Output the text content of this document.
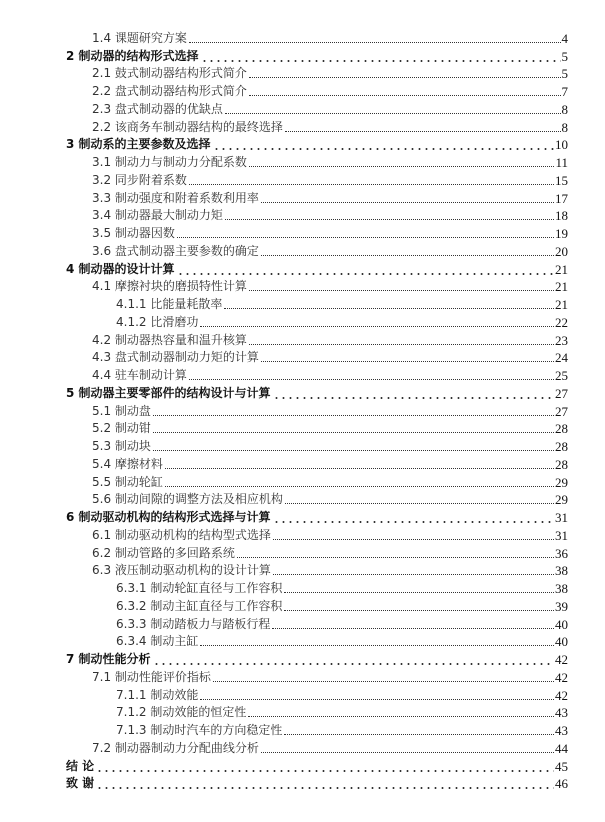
1.4 课题研究方案	4
2 制动器的结构形式选择	5
2.1 鼓式制动器结构形式简介	5
2.2 盘式制动器结构形式简介	7
2.3 盘式制动器的优缺点	8
2.2 该商务车制动器结构的最终选择	8
3 制动系的主要参数及选择	10
3.1 制动力与制动力分配系数	11
3.2 同步附着系数	15
3.3 制动强度和附着系数利用率	17
3.4 制动器最大制动力矩	18
3.5 制动器因数	19
3.6 盘式制动器主要参数的确定	20
4 制动器的设计计算	21
4.1 摩擦衬块的磨损特性计算	21
4.1.1 比能量耗散率	21
4.1.2 比滑磨功	22
4.2 制动器热容量和温升核算	23
4.3 盘式制动器制动力矩的计算	24
4.4 驻车制动计算	25
5 制动器主要零部件的结构设计与计算	27
5.1 制动盘	27
5.2 制动钳	28
5.3 制动块	28
5.4 摩擦材料	28
5.5 制动轮缸	29
5.6 制动间隙的调整方法及相应机构	29
6 制动驱动机构的结构形式选择与计算	31
6.1 制动驱动机构的结构型式选择	31
6.2 制动管路的多回路系统	36
6.3 液压制动驱动机构的设计计算	38
6.3.1 制动轮缸直径与工作容积	38
6.3.2 制动主缸直径与工作容积	39
6.3.3 制动踏板力与踏板行程	40
6.3.4 制动主缸	40
7 制动性能分析	42
7.1 制动性能评价指标	42
7.1.1 制动效能	42
7.1.2 制动效能的恒定性	43
7.1.3 制动时汽车的方向稳定性	43
7.2 制动器制动力分配曲线分析	44
结 论	45
致 谢	46
